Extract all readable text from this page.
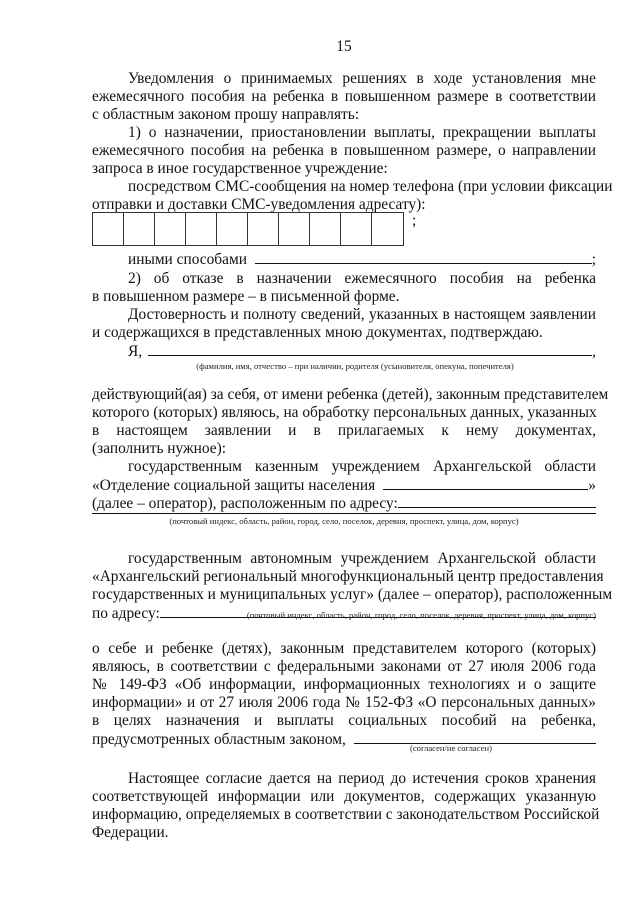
15
Уведомления о принимаемых решениях в ходе установления мне
ежемесячного пособия на ребенка в повышенном размере в соответствии
с областным законом прошу направлять:
1) о назначении, приостановлении выплаты, прекращении выплаты
ежемесячного пособия на ребенка в повышенном размере, о направлении
запроса в иное государственное учреждение:
посредством СМС-сообщения на номер телефона (при условии фиксации
отправки и доставки СМС-уведомления адресату):
;
иными способами	;
2) об отказе в назначении ежемесячного пособия на ребенка
в повышенном размере – в письменной форме.
Достоверность и полноту сведений, указанных в настоящем заявлении
и содержащихся в представленных мною документах, подтверждаю.
Я,	,
(фамилия, имя, отчество – при наличии, родителя (усыновителя, опекуна, попечителя)
действующий(ая) за себя, от имени ребенка (детей), законным представителем
которого (которых) являюсь, на обработку персональных данных, указанных
в настоящем заявлении и в прилагаемых к нему документах,
(заполнить нужное):
государственным казенным учреждением Архангельской области
«Отделение социальной защиты населения	»
(далее – оператор), расположенным по адресу:
(почтовый индекс, область, район, город, село, поселок, деревня, проспект, улица, дом, корпус)
государственным автономным учреждением Архангельской области
«Архангельский региональный многофункциональный центр предоставления
государственных и муниципальных услуг» (далее – оператор), расположенным
по адресу:	(почтовый индекс, область, район, город, село, поселок, деревня, проспект, улица, дом, корпус)
о себе и ребенке (детях), законным представителем которого (которых)
являюсь, в соответствии с федеральными законами от 27 июля 2006 года
№ 149-ФЗ «Об информации, информационных технологиях и о защите
информации» и от 27 июля 2006 года № 152-ФЗ «О персональных данных»
в целях назначения и выплаты социальных пособий на ребенка,
предусмотренных областным законом,	(согласен/не согласен)
Настоящее согласие дается на период до истечения сроков хранения
соответствующей информации или документов, содержащих указанную
информацию, определяемых в соответствии с законодательством Российской
Федерации.
